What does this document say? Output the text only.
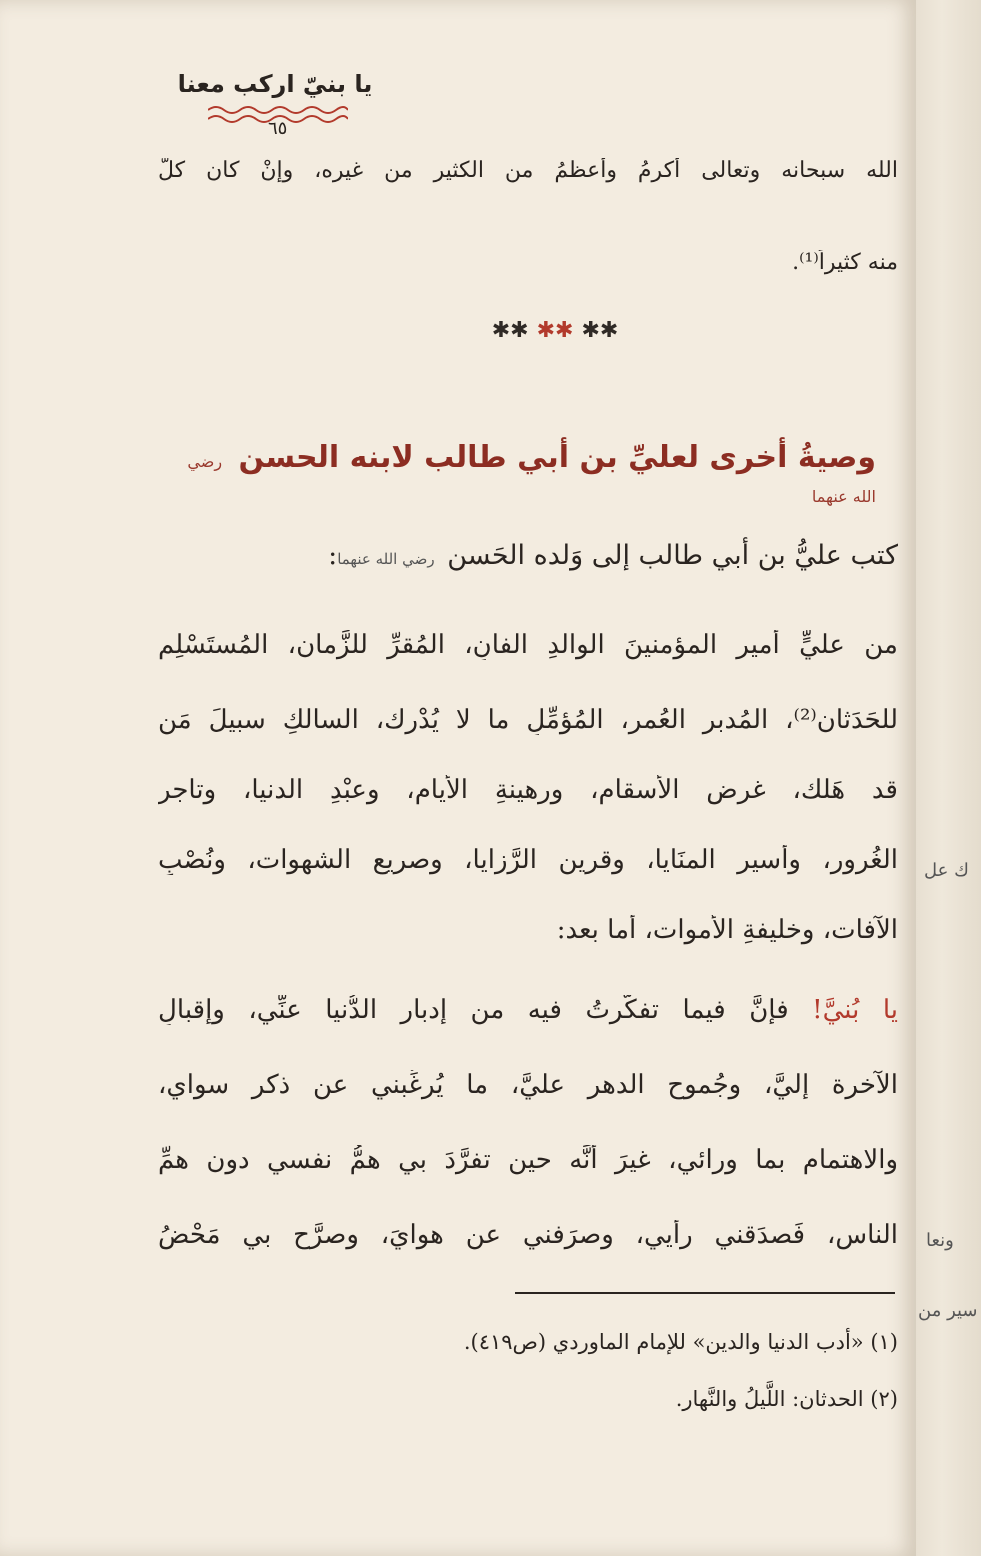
يا بنيّ اركب معنا
٦٥
الله سبحانه وتعالى أكرمُ وأعظمُ من الكثير من غيره، وإنْ كان كلٌّ
منه كثيراً⁽¹⁾.
✱✱
✱✱
✱✱
وصيةُ أخرى لعليِّ بن أبي طالب لابنه الحسن رضي الله عنهما
كتب عليُّ بن أبي طالب إلى وَلده الحَسن رضي الله عنهما:
من عليٍّ أميرِ المؤمنينَ الوالدِ الفانِ، المُقرِّ للزَّمان، المُستَسْلِمِ
للحَدَثان⁽²⁾، المُدبرِ العُمرِ، المُؤمِّلِ ما لا يُدْرك، السالكِ سبيلَ مَن
قد هَلك، غرضِ الأسقام، ورهينةِ الأيام، وعبْدِ الدنيا، وتاجرِ
الغُرور، وأسيرِ المنَايا، وقرينِ الرَّزايا، وصريعِ الشهوات، ونُصْبِ
الآفات، وخليفةِ الأموات، أما بعد:
يا بُنيَّ! فإنَّ فيما تفكَّرتُ فيه من إدبار الدُّنيا عنِّي، وإقبالِ
الآخرة إليَّ، وجُموحِ الدهر عليَّ، ما يُرغِّبني عن ذكر سواي،
والاهتمام بما ورائي، غيرَ أنَّه حين تفرَّدَ بي همُّ نفسي دون همِّ
الناس، فَصدَقني رأيي، وصرَفني عن هوايَ، وصرَّح بي مَحْضُ
(١) «أدب الدنيا والدين» للإمام الماوردي (ص٤١٩).
(٢) الحدثان: اللَّيلُ والنَّهار.
ك عل
ونعا
سير من
